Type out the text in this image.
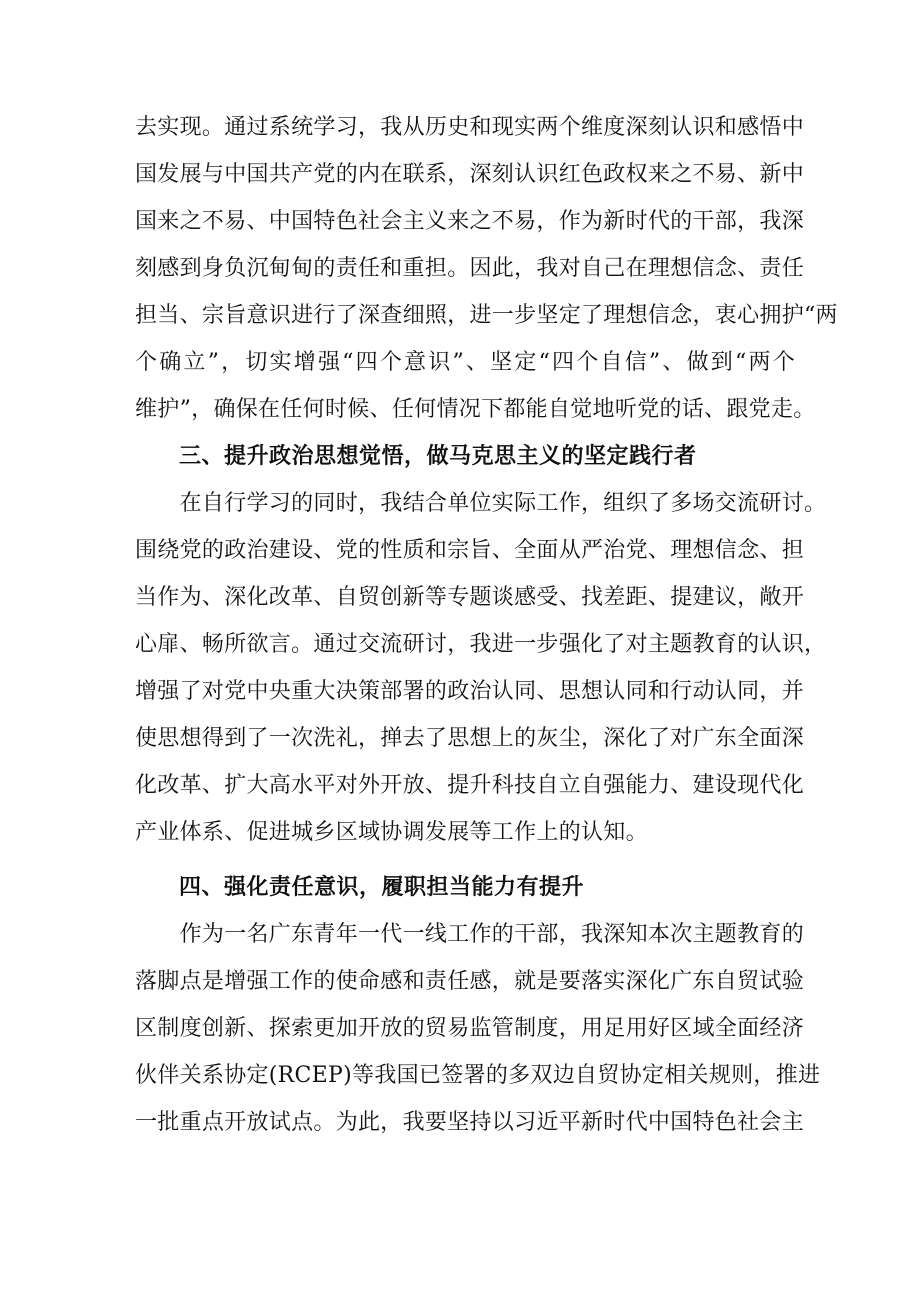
去实现。通过系统学习，我从历史和现实两个维度深刻认识和感悟中

国发展与中国共产党的内在联系，深刻认识红色政权来之不易、新中

国来之不易、中国特色社会主义来之不易，作为新时代的干部，我深

刻感到身负沉甸甸的责任和重担。因此，我对自己在理想信念、责任

担当、宗旨意识进行了深查细照，进一步坚定了理想信念，衷心拥护“两

个确立”，切实增强“四个意识”、坚定“四个自信”、做到“两个

维护”，确保在任何时候、任何情况下都能自觉地听党的话、跟党走。

三、提升政治思想觉悟，做马克思主义的坚定践行者

　　在自行学习的同时，我结合单位实际工作，组织了多场交流研讨。

围绕党的政治建设、党的性质和宗旨、全面从严治党、理想信念、担

当作为、深化改革、自贸创新等专题谈感受、找差距、提建议，敞开

心扉、畅所欲言。通过交流研讨，我进一步强化了对主题教育的认识，

增强了对党中央重大决策部署的政治认同、思想认同和行动认同，并

使思想得到了一次洗礼，掸去了思想上的灰尘，深化了对广东全面深

化改革、扩大高水平对外开放、提升科技自立自强能力、建设现代化

产业体系、促进城乡区域协调发展等工作上的认知。

四、强化责任意识，履职担当能力有提升

　　作为一名广东青年一代一线工作的干部，我深知本次主题教育的

落脚点是增强工作的使命感和责任感，就是要落实深化广东自贸试验

区制度创新、探索更加开放的贸易监管制度，用足用好区域全面经济

伙伴关系协定(RCEP)等我国已签署的多双边自贸协定相关规则，推进

一批重点开放试点。为此，我要坚持以习近平新时代中国特色社会主
